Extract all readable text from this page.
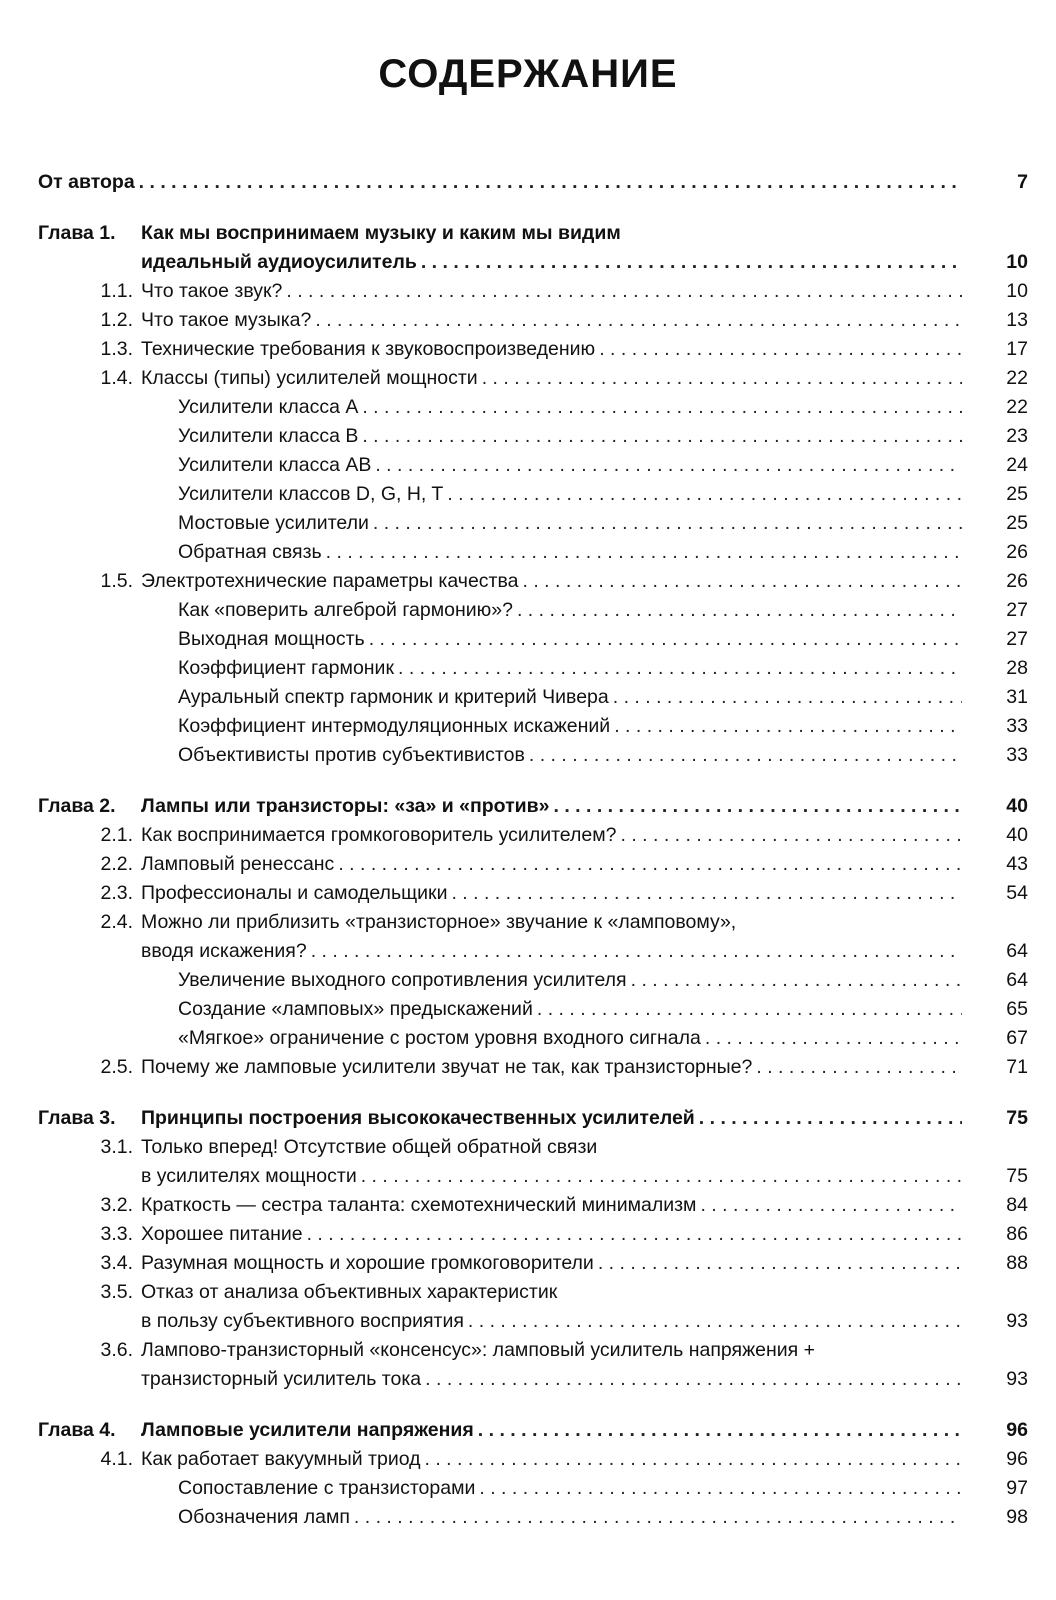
СОДЕРЖАНИЕ
От автора . . .	7
Глава 1.	Как мы воспринимаем музыку и каким мы видим
идеальный аудиоусилитель . . .	10
1.1. Что такое звук? . . .	10
1.2. Что такое музыка? . . .	13
1.3. Технические требования к звуковоспроизведению . . .	17
1.4. Классы (типы) усилителей мощности . . .	22
Усилители класса А . . .	22
Усилители класса В . . .	23
Усилители класса АВ . . .	24
Усилители классов D, G, H, T . . .	25
Мостовые усилители . . .	25
Обратная связь . . .	26
1.5. Электротехнические параметры качества . . .	26
Как «поверить алгеброй гармонию»? . . .	27
Выходная мощность . . .	27
Коэффициент гармоник . . .	28
Ауральный спектр гармоник и критерий Чивера . . .	31
Коэффициент интермодуляционных искажений . . .	33
Объективисты против субъективистов . . .	33
Глава 2.	Лампы или транзисторы: «за» и «против» . . .	40
2.1. Как воспринимается громкоговоритель усилителем? . . .	40
2.2. Ламповый ренессанс . . .	43
2.3. Профессионалы и самодельщики . . .	54
2.4. Можно ли приблизить «транзисторное» звучание к «ламповому»,
вводя искажения? . . .	64
Увеличение выходного сопротивления усилителя . . .	64
Создание «ламповых» предыскажений . . .	65
«Мягкое» ограничение с ростом уровня входного сигнала . . .	67
2.5. Почему же ламповые усилители звучат не так, как транзисторные? . . .	71
Глава 3.	Принципы построения высококачественных усилителей . . .	75
3.1. Только вперед! Отсутствие общей обратной связи
в усилителях мощности . . .	75
3.2. Краткость — сестра таланта: схемотехнический минимализм . . .	84
3.3. Хорошее питание . . .	86
3.4. Разумная мощность и хорошие громкоговорители . . .	88
3.5. Отказ от анализа объективных характеристик
в пользу субъективного восприятия . . .	93
3.6. Лампово-транзисторный «консенсус»: ламповый усилитель напряжения +
транзисторный усилитель тока . . .	93
Глава 4.	Ламповые усилители напряжения . . .	96
4.1. Как работает вакуумный триод . . .	96
Сопоставление с транзисторами . . .	97
Обозначения ламп . . .	98
